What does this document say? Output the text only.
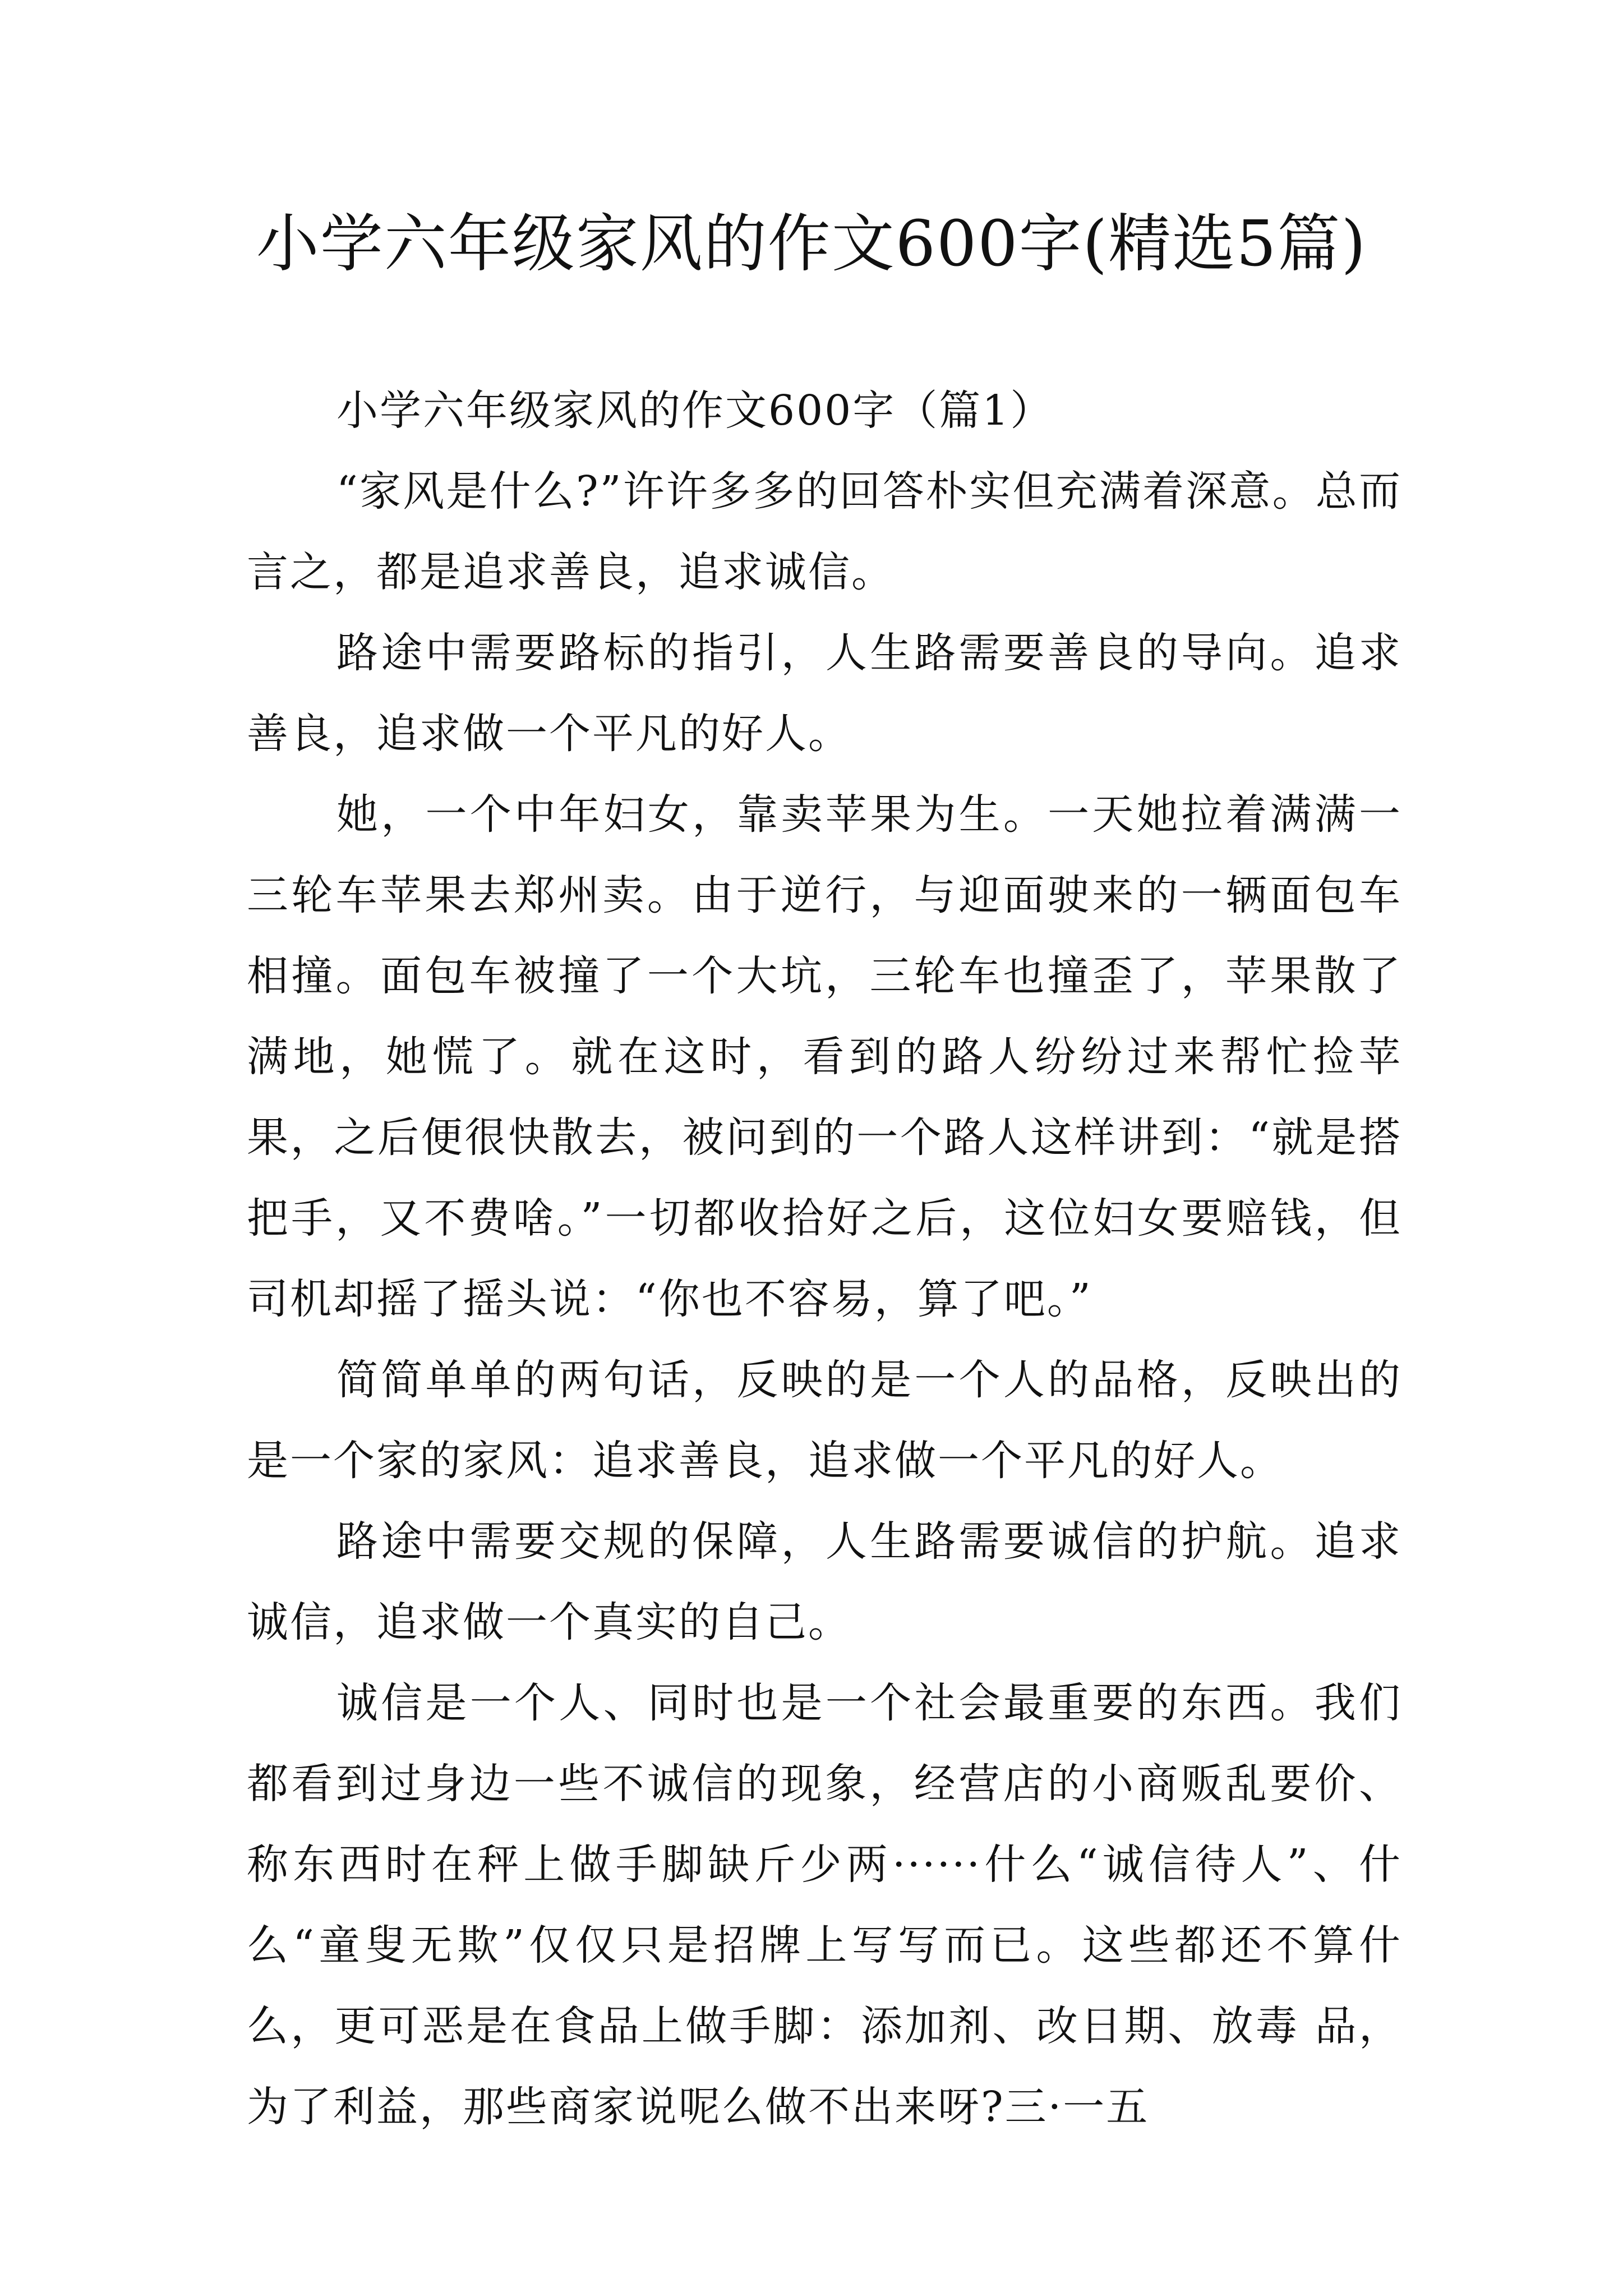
小学六年级家风的作文600字(精选5篇)

小学六年级家风的作文600字（篇1）

“家风是什么?”许许多多的回答朴实但充满着深意。总而言之，都是追求善良，追求诚信。

路途中需要路标的指引，人生路需要善良的导向。追求善良，追求做一个平凡的好人。

她，一个中年妇女，靠卖苹果为生。一天她拉着满满一三轮车苹果去郑州卖。由于逆行，与迎面驶来的一辆面包车相撞。面包车被撞了一个大坑，三轮车也撞歪了，苹果散了满地，她慌了。就在这时，看到的路人纷纷过来帮忙捡苹果，之后便很快散去，被问到的一个路人这样讲到：“就是搭把手，又不费啥。”一切都收拾好之后，这位妇女要赔钱，但司机却摇了摇头说：“你也不容易，算了吧。”

简简单单的两句话，反映的是一个人的品格，反映出的是一个家的家风：追求善良，追求做一个平凡的好人。

路途中需要交规的保障，人生路需要诚信的护航。追求诚信，追求做一个真实的自己。

诚信是一个人、同时也是一个社会最重要的东西。我们都看到过身边一些不诚信的现象，经营店的小商贩乱要价、称东西时在秤上做手脚缺斤少两······什么“诚信待人”、什么“童叟无欺”仅仅只是招牌上写写而已。这些都还不算什么，更可恶是在食品上做手脚：添加剂、改日期、放毒 品，为了利益，那些商家说呢么做不出来呀?三·一五
